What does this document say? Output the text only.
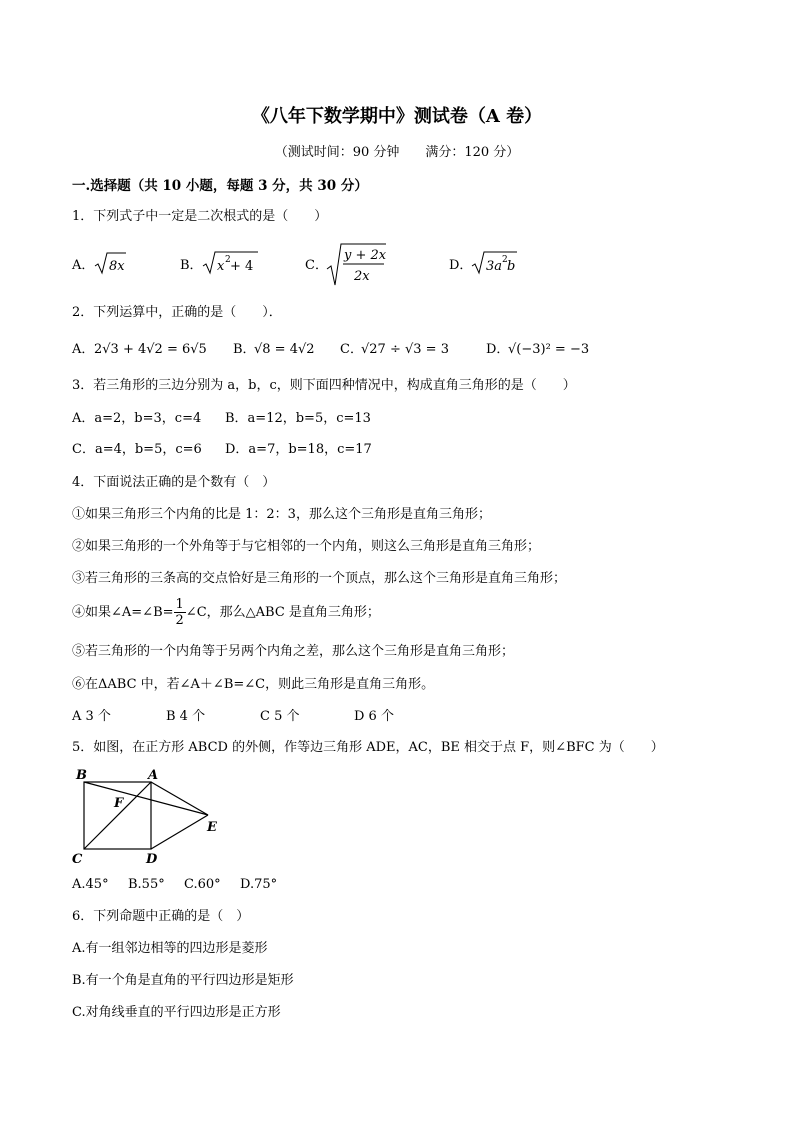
《八年下数学期中》测试卷（A 卷）
（测试时间：90 分钟　　满分：120 分）
一.选择题（共 10 小题，每题 3 分，共 30 分）
1．下列式子中一定是二次根式的是（　　）
A． 8x	B． x 2 + 4	C．
y + 2x
2x
D． 3a 2 b
2．下列运算中，正确的是（　　）．
A． 2√3 + 4√2 = 6√5 B．
√8 = 4√2 C．
√27 ÷ √3 = 3	D．
√(−3)² = −3
3．若三角形的三边分别为 a，b，c，则下面四种情况中，构成直角三角形的是（　　）
A．a=2，b=3，c=4 B．a=12，b=5，c=13
C．a=4，b=5，c=6 D．a=7，b=18，c=17
4．下面说法正确的是个数有（　）
①如果三角形三个内角的比是 1：2：3，那么这个三角形是直角三角形；
②如果三角形的一个外角等于与它相邻的一个内角，则这么三角形是直角三角形；
③若三角形的三条高的交点恰好是三角形的一个顶点，那么这个三角形是直角三角形；
④如果∠A=∠B= $\frac{1}{2}$ ∠C，那么△ABC 是直角三角形；
⑤若三角形的一个内角等于另两个内角之差，那么这个三角形是直角三角形；
⑥在ΔABC 中，若∠A＋∠B=∠C，则此三角形是直角三角形。
A 3 个	B 4 个	C 5 个	D 6 个
5．如图，在正方形 ABCD 的外侧，作等边三角形 ADE，AC，BE 相交于点 F，则∠BFC 为（　　）
B	A
C	D
E
F
A.45° B.55° C.60° D.75°
6．下列命题中正确的是（　）
A.有一组邻边相等的四边形是菱形
B.有一个角是直角的平行四边形是矩形
C.对角线垂直的平行四边形是正方形
